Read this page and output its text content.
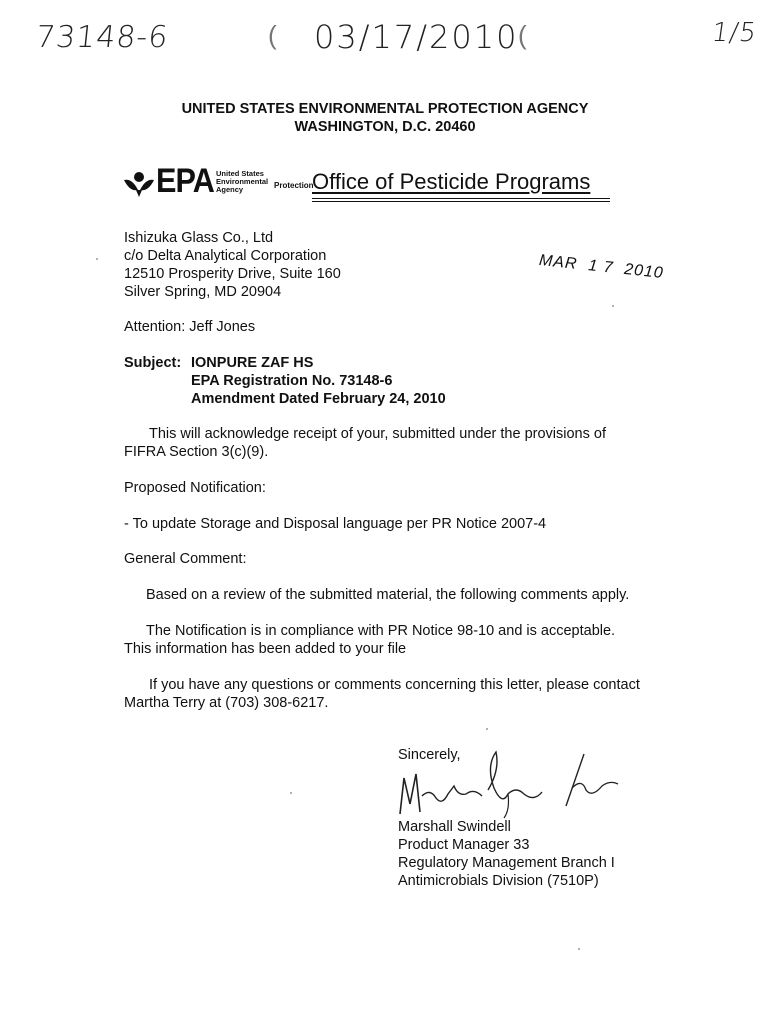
73148-6	( 03/17/2010 (	1/5
UNITED STATES ENVIRONMENTAL PROTECTION AGENCY
WASHINGTON, D.C. 20460
EPA United States
Environmental
Agency	Protection
Office of Pesticide Programs
Ishizuka Glass Co., Ltd
c/o Delta Analytical Corporation
12510 Prosperity Drive, Suite 160
Silver Spring, MD 20904
MAR 1 7 2010
Attention: Jeff Jones
Subject: IONPURE ZAF HS
EPA Registration No. 73148-6
Amendment Dated February 24, 2010
This will acknowledge receipt of your, submitted under the provisions of
FIFRA Section 3(c)(9).
Proposed Notification:
- To update Storage and Disposal language per PR Notice 2007-4
General Comment:
Based on a review of the submitted material, the following comments apply.
The Notification is in compliance with PR Notice 98-10 and is acceptable.
This information has been added to your file
If you have any questions or comments concerning this letter, please contact
Martha Terry at (703) 308-6217.
Sincerely,
Marshall Swindell
Product Manager 33
Regulatory Management Branch I
Antimicrobials Division (7510P)
